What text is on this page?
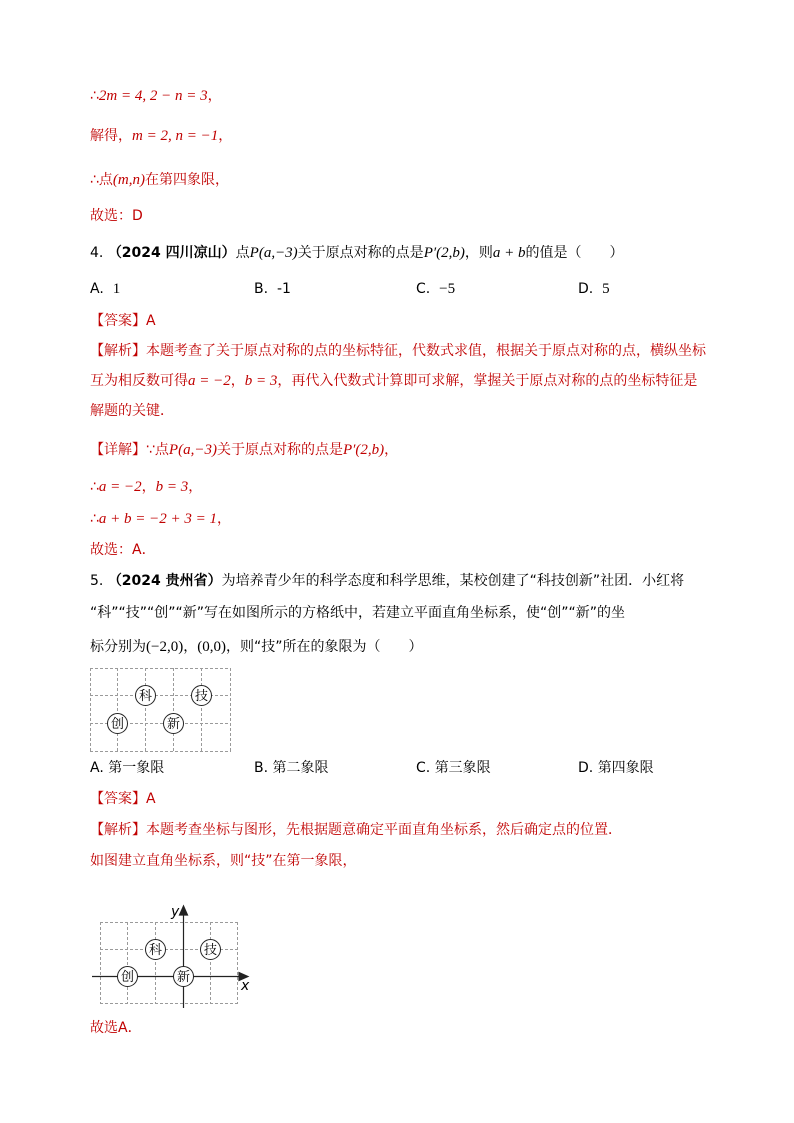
∴2m = 4, 2 − n = 3，
解得，m = 2, n = −1，
∴点(m,n)在第四象限，
故选：D
4. （2024 四川凉山）点P(a,−3)关于原点对称的点是P′(2,b)，则a + b的值是（　　）
A. 1	B. -1	C. −5	D. 5
【答案】A
【解析】本题考查了关于原点对称的点的坐标特征，代数式求值，根据关于原点对称的点，横纵坐标
互为相反数可得a = −2，b = 3，再代入代数式计算即可求解，掌握关于原点对称的点的坐标特征是
解题的关键．
【详解】∵点P(a,−3)关于原点对称的点是P′(2,b)，
∴a = −2，b = 3，
∴a + b = −2 + 3 = 1，
故选：A．
5. （2024 贵州省）为培养青少年的科学态度和科学思维，某校创建了“科技创新”社团．小红将
“科”“技”“创”“新”写在如图所示的方格纸中，若建立平面直角坐标系，使“创”“新”的坐
标分别为(−2,0)，(0,0)，则“技”所在的象限为（　　）
科	技
创	新
A. 第一象限	B. 第二象限	C. 第三象限	D. 第四象限
【答案】A
【解析】本题考查坐标与图形，先根据题意确定平面直角坐标系，然后确定点的位置．
如图建立直角坐标系，则“技”在第一象限，
x
y
科	技
创	新
故选A．
